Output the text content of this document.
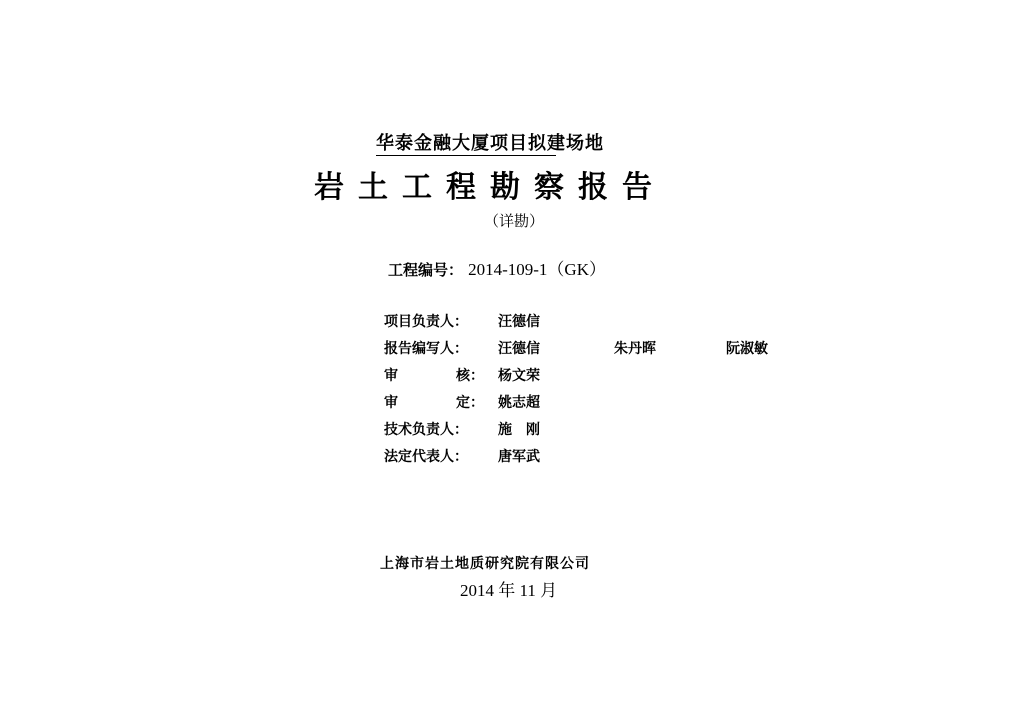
华泰金融大厦项目拟建场地
岩土工程勘察报告
（详勘）
工程编号： 2014-109-1（GK）
项目负责人：	汪德信
报告编写人：	汪德信	朱丹晖	阮淑敏
审	核： 杨文荣
审	定： 姚志超
技术负责人：	施　刚
法定代表人：	唐军武
上海市岩土地质研究院有限公司
2014 年 11 月
